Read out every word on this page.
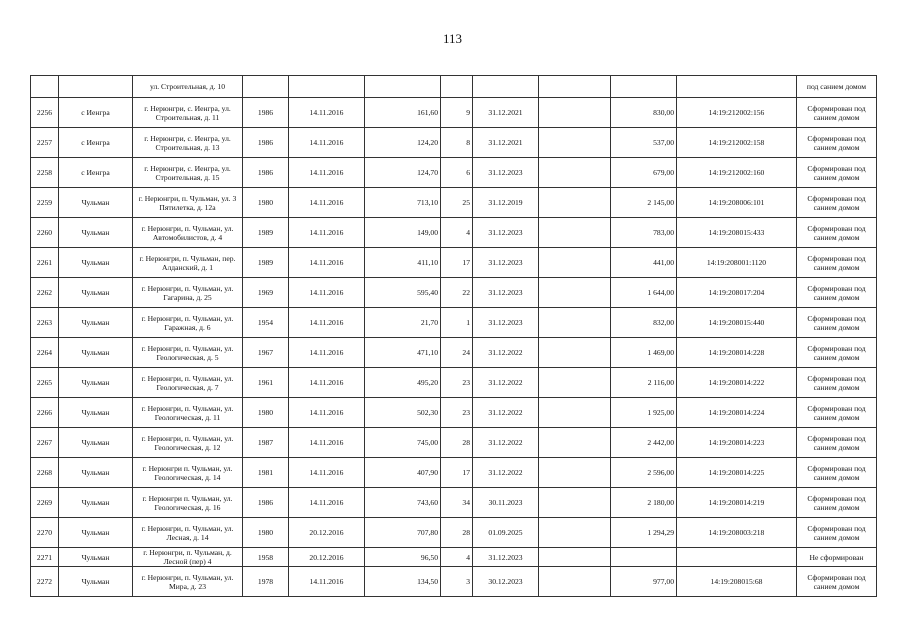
113
		ул. Строительная, д. 10									под санием домом
2256	с Иенгра	г. Нерюнгри, с. Иенгра, ул. Строительная, д. 11	1986	14.11.2016	161,60	9	31.12.2021		830,00	14:19:212002:156	Сформирован под санием домом
2257	с Иенгра	г. Нерюнгри, с. Иенгра, ул. Строительная, д. 13	1986	14.11.2016	124,20	8	31.12.2021		537,00	14:19:212002:158	Сформирован под санием домом
2258	с Иенгра	г. Нерюнгри, с. Иенгра, ул. Строительная, д. 15	1986	14.11.2016	124,70	6	31.12.2023		679,00	14:19:212002:160	Сформирован под санием домом
2259	Чульман	г. Нерюнгри, п. Чульман, ул. 3 Пятилетка, д. 12а	1980	14.11.2016	713,10	25	31.12.2019		2 145,00	14:19:208006:101	Сформирован под санием домом
2260	Чульман	г. Нерюнгри, п. Чульман, ул. Автомобилистов, д. 4	1989	14.11.2016	149,00	4	31.12.2023		783,00	14:19:208015:433	Сформирован под санием домом
2261	Чульман	г. Нерюнгри, п. Чульман, пер. Алданский, д. 1	1989	14.11.2016	411,10	17	31.12.2023		441,00	14:19:208001:1120	Сформирован под санием домом
2262	Чульман	г. Нерюнгри, п. Чульман, ул. Гагарина, д. 25	1969	14.11.2016	595,40	22	31.12.2023		1 644,00	14:19:208017:204	Сформирован под санием домом
2263	Чульман	г. Нерюнгри, п. Чульман, ул. Гаражная, д. 6	1954	14.11.2016	21,70	1	31.12.2023		832,00	14:19:208015:440	Сформирован под санием домом
2264	Чульман	г. Нерюнгри, п. Чульман, ул. Геологическая, д. 5	1967	14.11.2016	471,10	24	31.12.2022		1 469,00	14:19:208014:228	Сформирован под санием домом
2265	Чульман	г. Нерюнгри, п. Чульман, ул. Геологическая, д. 7	1961	14.11.2016	495,20	23	31.12.2022		2 116,00	14:19:208014:222	Сформирован под санием домом
2266	Чульман	г. Нерюнгри, п. Чульман, ул. Геологическая, д. 11	1980	14.11.2016	502,30	23	31.12.2022		1 925,00	14:19:208014:224	Сформирован под санием домом
2267	Чульман	г. Нерюнгри, п. Чульман, ул. Геологическая, д. 12	1987	14.11.2016	745,00	28	31.12.2022		2 442,00	14:19:208014:223	Сформирован под санием домом
2268	Чульман	г. Нерюнгри п. Чульман, ул. Геологическая, д. 14	1981	14.11.2016	407,90	17	31.12.2022		2 596,00	14:19:208014:225	Сформирован под санием домом
2269	Чульман	г. Нерюнгри п. Чульман, ул. Геологическая, д. 16	1986	14.11.2016	743,60	34	30.11.2023		2 180,00	14:19:208014:219	Сформирован под санием домом
2270	Чульман	г. Нерюнгри, п. Чульман, ул. Лесная, д. 14	1980	20.12.2016	707,80	28	01.09.2025		1 294,29	14:19:208003:218	Сформирован под санием домом
2271	Чульман	г. Нерюнгри, п. Чульман, д. Лесной (пер) 4	1958	20.12.2016	96,50	4	31.12.2023				Не сформирован
2272	Чульман	г. Нерюнгри, п. Чульман, ул. Мира, д. 23	1978	14.11.2016	134,50	3	30.12.2023		977,00	14:19:208015:68	Сформирован под санием домом
